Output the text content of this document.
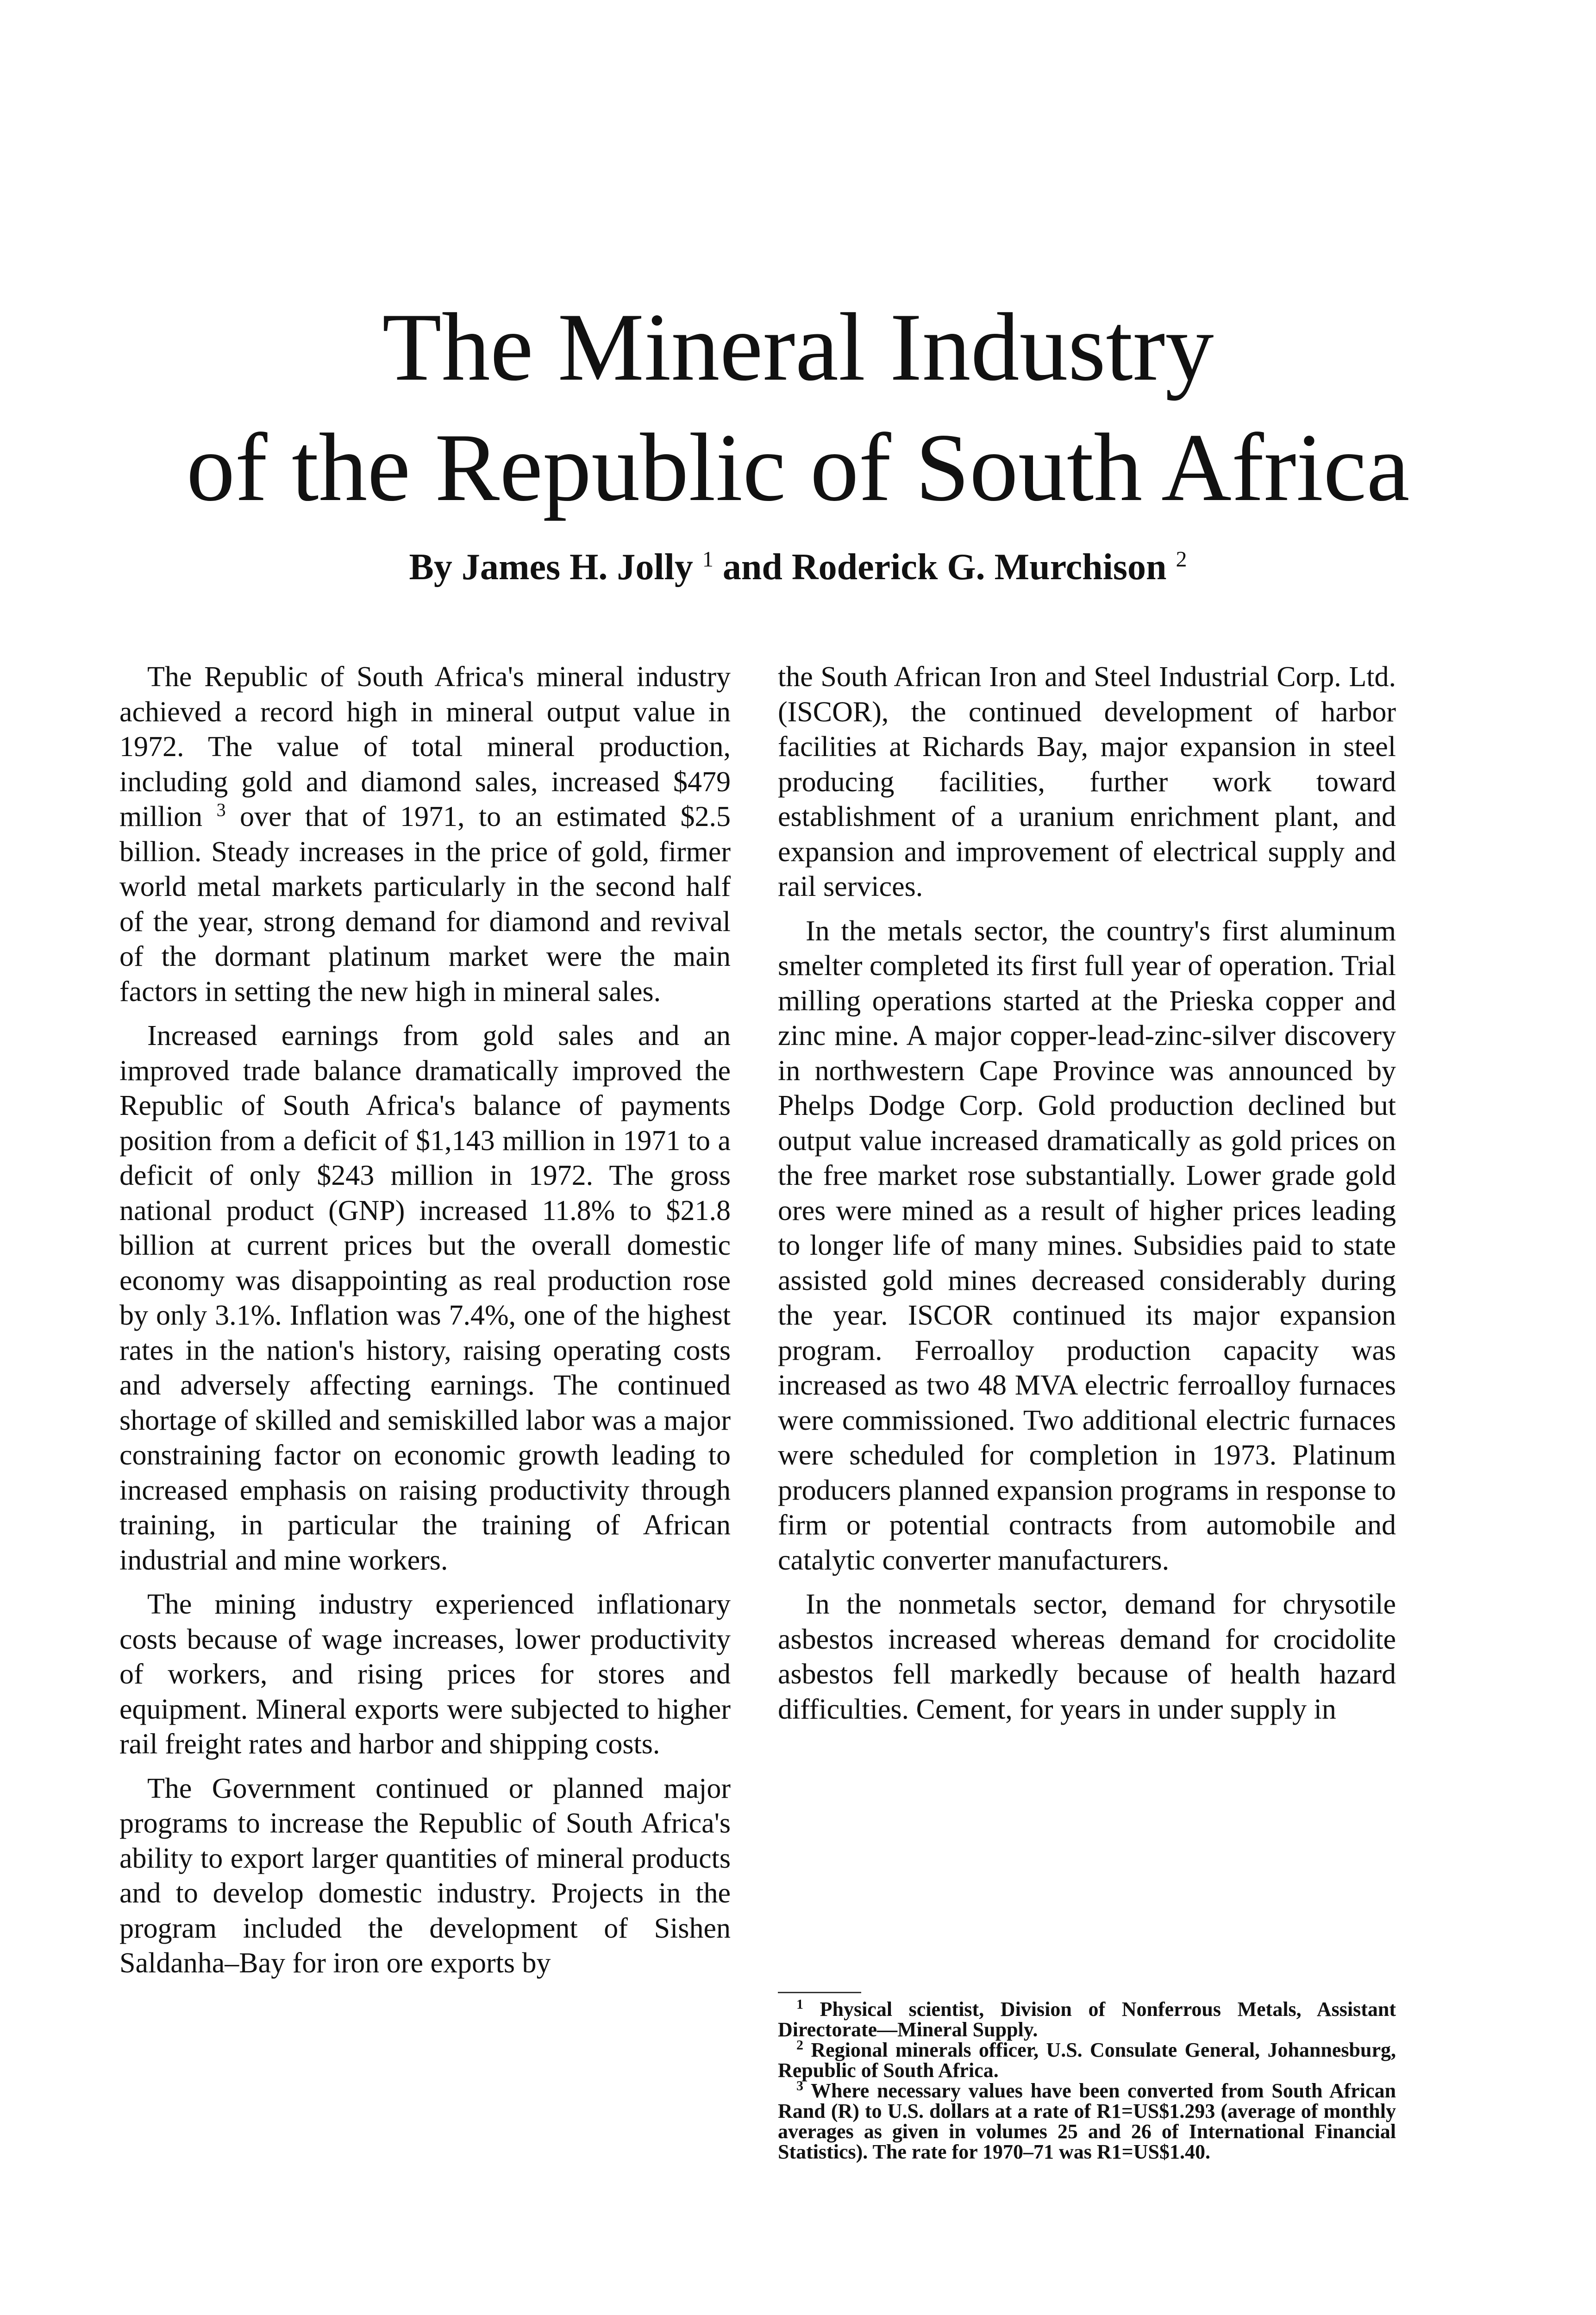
The Mineral Industry
of the Republic of South Africa
By James H. Jolly $^1$ and Roderick G. Murchison $^2$

The Republic of South Africa's mineral industry achieved a record high in mineral output value in 1972. The value of total mineral production, including gold and diamond sales, increased $479 million $^3$ over that of 1971, to an estimated $2.5 billion. Steady increases in the price of gold, firmer world metal markets particularly in the second half of the year, strong demand for diamond and revival of the dormant platinum market were the main factors in setting the new high in mineral sales.

Increased earnings from gold sales and an improved trade balance dramatically improved the Republic of South Africa's balance of payments position from a deficit of $1,143 million in 1971 to a deficit of only $243 million in 1972. The gross national product (GNP) increased 11.8% to $21.8 billion at current prices but the overall domestic economy was disappointing as real production rose by only 3.1%. Inflation was 7.4%, one of the highest rates in the nation's history, raising operating costs and adversely affecting earnings. The continued shortage of skilled and semiskilled labor was a major constraining factor on economic growth leading to increased emphasis on raising productivity through training, in particular the training of African industrial and mine workers.

The mining industry experienced inflationary costs because of wage increases, lower productivity of workers, and rising prices for stores and equipment. Mineral exports were subjected to higher rail freight rates and harbor and shipping costs.

The Government continued or planned major programs to increase the Republic of South Africa's ability to export larger quantities of mineral products and to develop domestic industry. Projects in the program included the development of Sishen Saldanha–Bay for iron ore exports by

the South African Iron and Steel Industrial Corp. Ltd. (ISCOR), the continued development of harbor facilities at Richards Bay, major expansion in steel producing facilities, further work toward establishment of a uranium enrichment plant, and expansion and improvement of electrical supply and rail services.

In the metals sector, the country's first aluminum smelter completed its first full year of operation. Trial milling operations started at the Prieska copper and zinc mine. A major copper-lead-zinc-silver discovery in northwestern Cape Province was announced by Phelps Dodge Corp. Gold production declined but output value increased dramatically as gold prices on the free market rose substantially. Lower grade gold ores were mined as a result of higher prices leading to longer life of many mines. Subsidies paid to state assisted gold mines decreased considerably during the year. ISCOR continued its major expansion program. Ferroalloy production capacity was increased as two 48 MVA electric ferroalloy furnaces were commissioned. Two additional electric furnaces were scheduled for completion in 1973. Platinum producers planned expansion programs in response to firm or potential contracts from automobile and catalytic converter manufacturers.

In the nonmetals sector, demand for chrysotile asbestos increased whereas demand for crocidolite asbestos fell markedly because of health hazard difficulties. Cement, for years in under supply in

$^1$ Physical scientist, Division of Nonferrous Metals, Assistant Directorate—Mineral Supply.

$^2$ Regional minerals officer, U.S. Consulate General, Johannesburg, Republic of South Africa.

$^3$ Where necessary values have been converted from South African Rand (R) to U.S. dollars at a rate of R1=US$1.293 (average of monthly averages as given in volumes 25 and 26 of International Financial Statistics). The rate for 1970–71 was R1=US$1.40.
